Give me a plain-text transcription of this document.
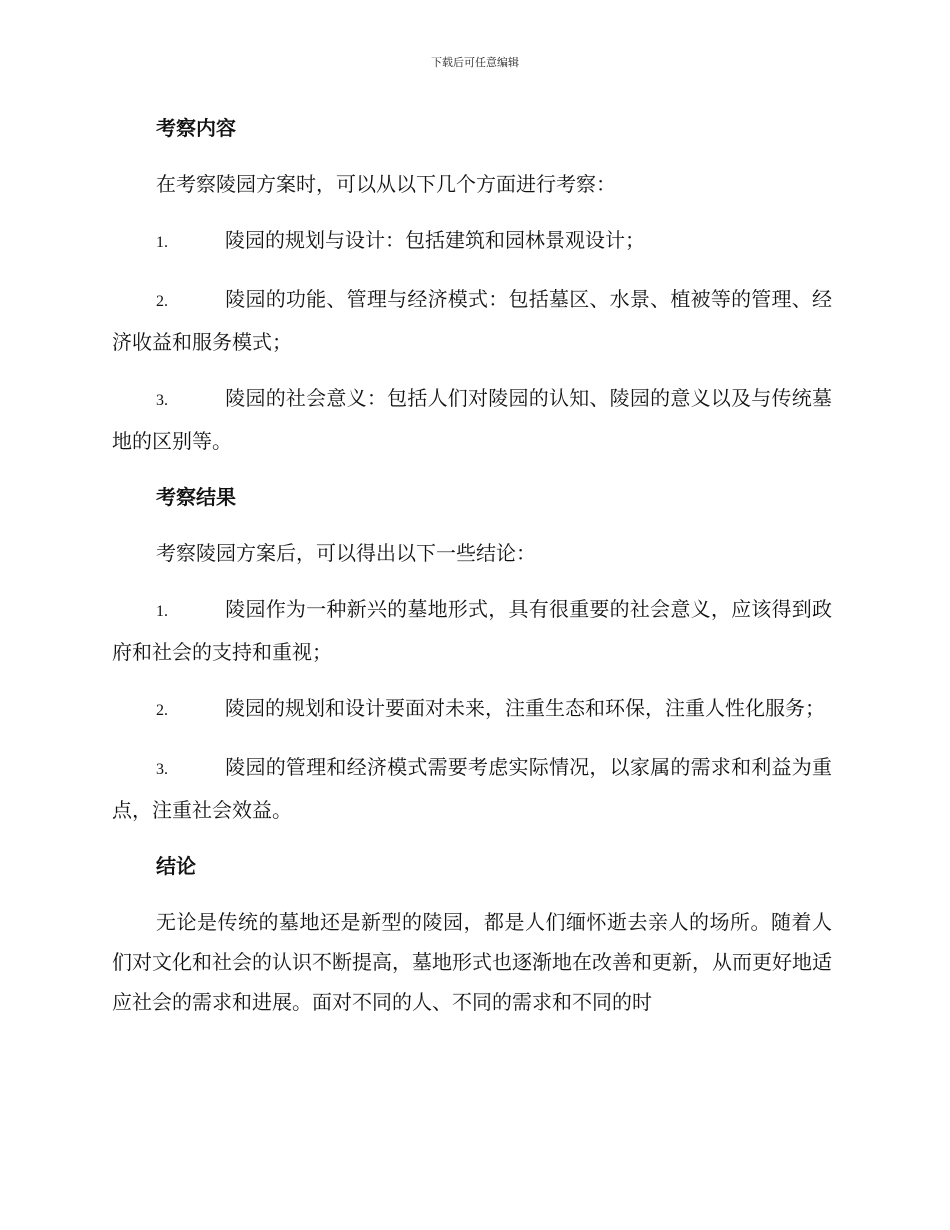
下载后可任意编辑
考察内容
在考察陵园方案时，可以从以下几个方面进行考察：
1.	陵园的规划与设计：包括建筑和园林景观设计；
2.	陵园的功能、管理与经济模式：包括墓区、水景、植被等的管理、经济收益和服务模式；
3.	陵园的社会意义：包括人们对陵园的认知、陵园的意义以及与传统墓地的区别等。
考察结果
考察陵园方案后，可以得出以下一些结论：
1.	陵园作为一种新兴的墓地形式，具有很重要的社会意义，应该得到政府和社会的支持和重视；
2.	陵园的规划和设计要面对未来，注重生态和环保，注重人性化服务；
3.	陵园的管理和经济模式需要考虑实际情况，以家属的需求和利益为重点，注重社会效益。
结论
无论是传统的墓地还是新型的陵园，都是人们缅怀逝去亲人的场所。随着人们对文化和社会的认识不断提高，墓地形式也逐渐地在改善和更新，从而更好地适应社会的需求和进展。面对不同的人、不同的需求和不同的时
